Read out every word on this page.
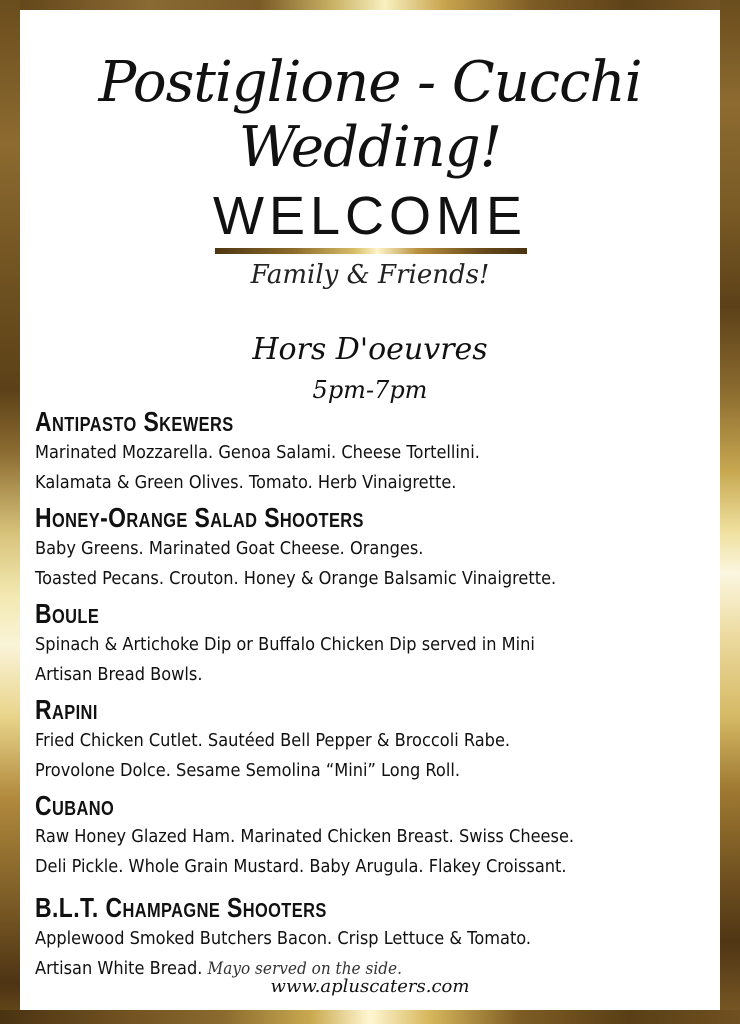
Postiglione - Cucchi Wedding!
WELCOME
Family & Friends!
Hors D'oeuvres
5pm-7pm
Antipasto Skewers
Marinated Mozzarella. Genoa Salami. Cheese Tortellini.
Kalamata & Green Olives. Tomato. Herb Vinaigrette.
Honey-Orange Salad Shooters
Baby Greens. Marinated Goat Cheese. Oranges.
Toasted Pecans. Crouton. Honey & Orange Balsamic Vinaigrette.
Boule
Spinach & Artichoke Dip or Buffalo Chicken Dip served in Mini
Artisan Bread Bowls.
Rapini
Fried Chicken Cutlet. Sautéed Bell Pepper & Broccoli Rabe.
Provolone Dolce. Sesame Semolina “Mini” Long Roll.
Cubano
Raw Honey Glazed Ham. Marinated Chicken Breast. Swiss Cheese.
Deli Pickle. Whole Grain Mustard. Baby Arugula. Flakey Croissant.
B.L.T. Champagne Shooters
Applewood Smoked Butchers Bacon. Crisp Lettuce & Tomato.
Artisan White Bread. Mayo served on the side.
www.apluscaters.com
